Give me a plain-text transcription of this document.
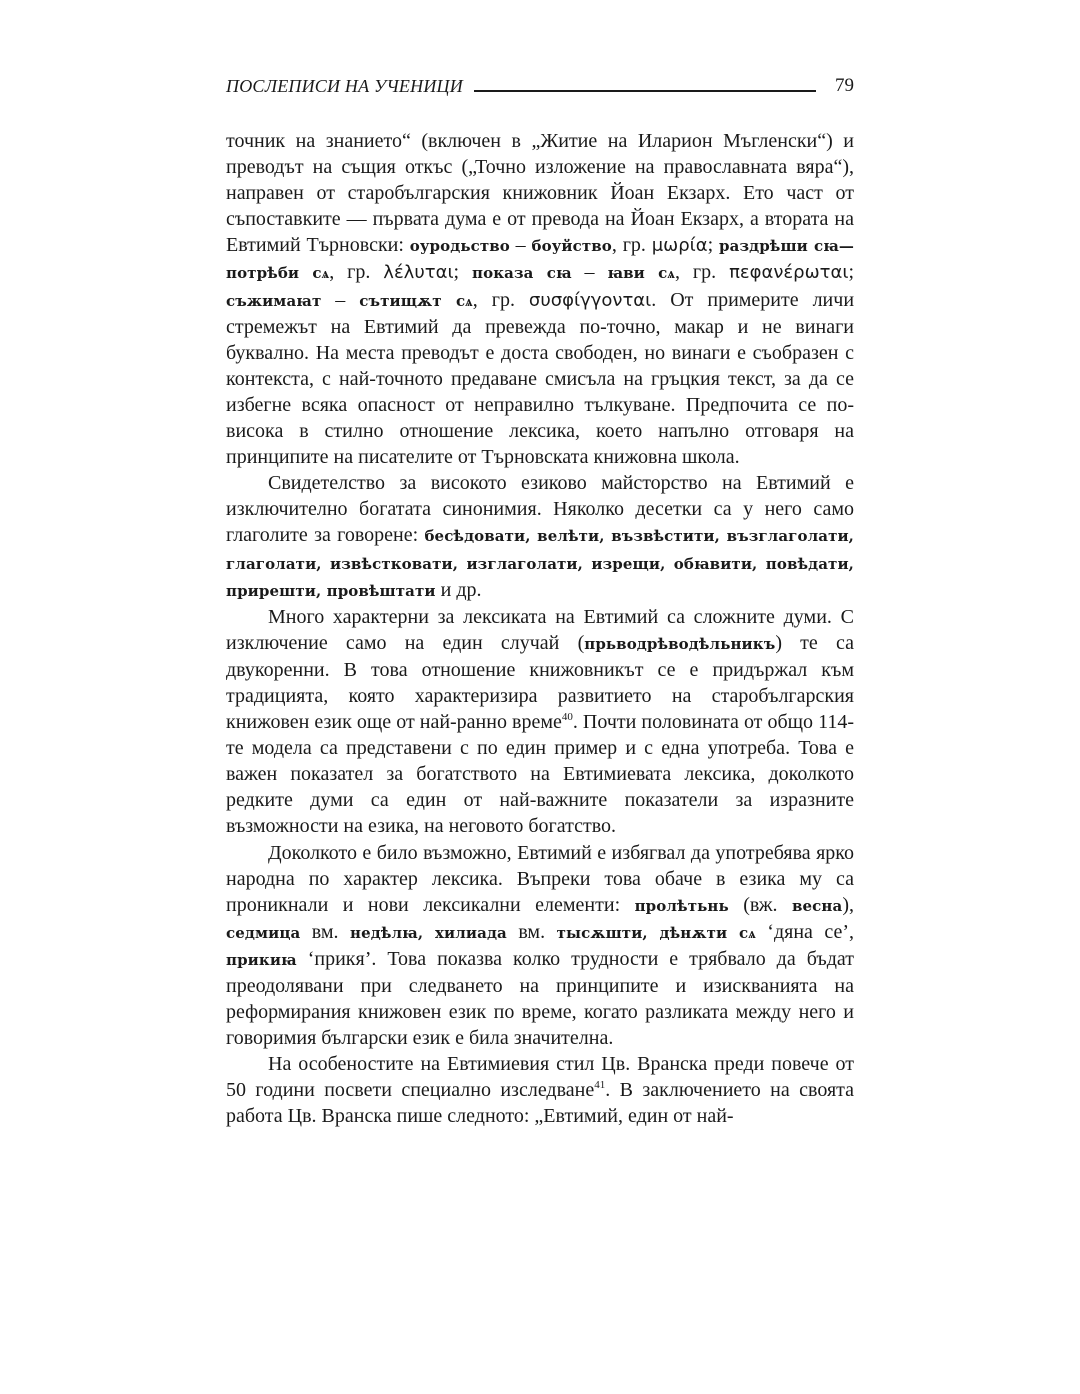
ПОСЛЕПИСИ НА УЧЕНИЦИ	79

точник на знанието“ (включен в „Житие на Иларион Мъгленски“) и преводът на същия откъс („Точно изложение на православната вяра“), направен от старобългарския книжовник Йоан Екзарх. Ето част от съпоставките — първата дума е от превода на Йоан Екзарх, а втората на Евтимий Търновски: оуродьство – боуйство, гр. μωρία; раздрѣши сꙗ—потрѣби сѧ, гр. λέλυται; показа сꙗ – ꙗви сѧ, гр. πεφανέρωται; съжимаꙗт – сътищѫт сѧ, гр. συσφίγγονται. От примерите личи стремежът на Евтимий да превежда по-точно, макар и не винаги буквално. На места преводът е доста свободен, но винаги е съобразен с контекста, с най-точното предаване смисъла на гръцкия текст, за да се избегне всяка опасност от неправилно тълкуване. Предпочита се по-висока в стилно отношение лексика, което напълно отговаря на принципите на писателите от Търновската книжовна школа.

Свидетелство за високото езиково майсторство на Евтимий е изключително богатата синонимия. Няколко десетки са у него само глаголите за говорене: бесѣдовати, велѣти, възвѣстити, възглаголати, глаголати, извѣстковати, изглаголати, изрещи, обꙗвити, повѣдати, прирешти, провѣштати и др.

Много характерни за лексиката на Евтимий са сложните думи. С изключение само на един случай (прьводрѣводѣльникъ) те са двукоренни. В това отношение книжовникът се е придържал към традицията, която характеризира развитието на старобългарския книжовен език още от най-ранно време$^{40}$. Почти половината от общо 114-те модела са представени с по един пример и с една употреба. Това е важен показател за богатството на Евтимиевата лексика, доколкото редките думи са един от най-важните показатели за изразните възможности на езика, на неговото богатство.

Доколкото е било възможно, Евтимий е избягвал да употребява ярко народна по характер лексика. Въпреки това обаче в езика му са проникнали и нови лексикални елементи: пролѣтьнь (вж. весна), седмица вм. недѣлꙗ, хилиада вм. тысѫшти, дѣнѫти сѧ ‘дяна се’, прикиꙗ ‘прикя’. Това показва колко трудности е трябвало да бъдат преодолявани при следването на принципите и изискванията на реформирания книжовен език по време, когато разликата между него и говоримия български език е била значителна.

На особеностите на Евтимиевия стил Цв. Вранска преди повече от 50 години посвети специално изследване$^{41}$. В заключението на своята работа Цв. Вранска пише следното: „Евтимий, един от най-
